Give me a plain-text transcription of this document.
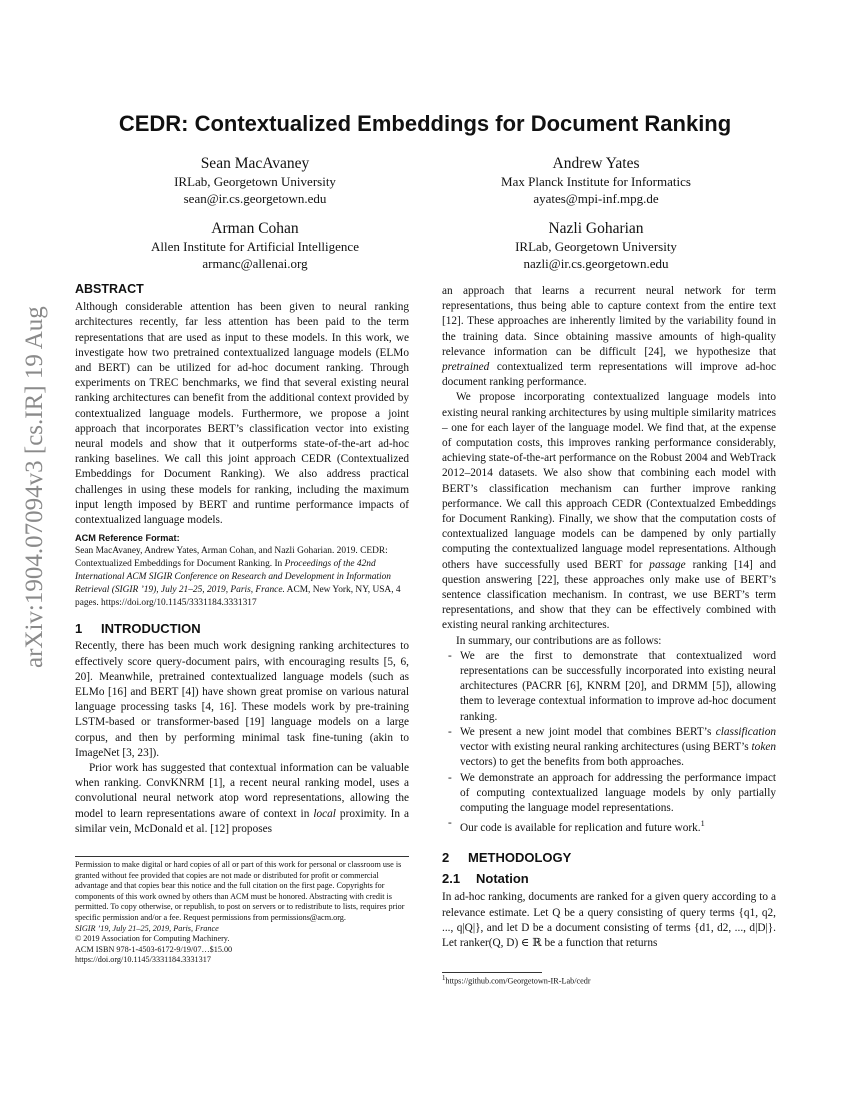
arXiv:1904.07094v3 [cs.IR] 19 Aug 2019
CEDR: Contextualized Embeddings for Document Ranking
Sean MacAvaney
IRLab, Georgetown University
sean@ir.cs.georgetown.edu
Andrew Yates
Max Planck Institute for Informatics
ayates@mpi-inf.mpg.de
Arman Cohan
Allen Institute for Artificial Intelligence
armanc@allenai.org
Nazli Goharian
IRLab, Georgetown University
nazli@ir.cs.georgetown.edu
ABSTRACT

Although considerable attention has been given to neural ranking architectures recently, far less attention has been paid to the term representations that are used as input to these models. In this work, we investigate how two pretrained contextualized language models (ELMo and BERT) can be utilized for ad-hoc document ranking. Through experiments on TREC benchmarks, we find that several existing neural ranking architectures can benefit from the additional context provided by contextualized language models. Furthermore, we propose a joint approach that incorporates BERT’s classification vector into existing neural models and show that it outperforms state-of-the-art ad-hoc ranking baselines. We call this joint approach CEDR (Contextualized Embeddings for Document Ranking). We also address practical challenges in using these models for ranking, including the maximum input length imposed by BERT and runtime performance impacts of contextualized language models.

ACM Reference Format:

Sean MacAvaney, Andrew Yates, Arman Cohan, and Nazli Goharian. 2019. CEDR: Contextualized Embeddings for Document Ranking. In Proceedings of the 42nd International ACM SIGIR Conference on Research and Development in Information Retrieval (SIGIR ’19), July 21–25, 2019, Paris, France. ACM, New York, NY, USA, 4 pages. https://doi.org/10.1145/3331184.3331317

1 INTRODUCTION

Recently, there has been much work designing ranking architectures to effectively score query-document pairs, with encouraging results [5, 6, 20]. Meanwhile, pretrained contextualized language models (such as ELMo [16] and BERT [4]) have shown great promise on various natural language processing tasks [4, 16]. These models work by pre-training LSTM-based or transformer-based [19] language models on a large corpus, and then by performing minimal task fine-tuning (akin to ImageNet [3, 23]).

Prior work has suggested that contextual information can be valuable when ranking. ConvKNRM [1], a recent neural ranking model, uses a convolutional neural network atop word representations, allowing the model to learn representations aware of context in local proximity. In a similar vein, McDonald et al. [12] proposes

Permission to make digital or hard copies of all or part of this work for personal or classroom use is granted without fee provided that copies are not made or distributed for profit or commercial advantage and that copies bear this notice and the full citation on the first page. Copyrights for components of this work owned by others than ACM must be honored. Abstracting with credit is permitted. To copy otherwise, or republish, to post on servers or to redistribute to lists, requires prior specific permission and/or a fee. Request permissions from permissions@acm.org.

SIGIR ’19, July 21–25, 2019, Paris, France

© 2019 Association for Computing Machinery.

ACM ISBN 978-1-4503-6172-9/19/07…$15.00

https://doi.org/10.1145/3331184.3331317

an approach that learns a recurrent neural network for term representations, thus being able to capture context from the entire text [12]. These approaches are inherently limited by the variability found in the training data. Since obtaining massive amounts of high-quality relevance information can be difficult [24], we hypothesize that pretrained contextualized term representations will improve ad-hoc document ranking performance.

We propose incorporating contextualized language models into existing neural ranking architectures by using multiple similarity matrices – one for each layer of the language model. We find that, at the expense of computation costs, this improves ranking performance considerably, achieving state-of-the-art performance on the Robust 2004 and WebTrack 2012–2014 datasets. We also show that combining each model with BERT’s classification mechanism can further improve ranking performance. We call this approach CEDR (Contextualzed Embeddings for Document Ranking). Finally, we show that the computation costs of contextualized language models can be dampened by only partially computing the contextualized language model representations. Although others have successfully used BERT for passage ranking [14] and question answering [22], these approaches only make use of BERT’s sentence classification mechanism. In contrast, we use BERT’s term representations, and show that they can be effectively combined with existing neural ranking architectures.

In summary, our contributions are as follows:

- We are the first to demonstrate that contextualized word representations can be successfully incorporated into existing neural architectures (PACRR [6], KNRM [20], and DRMM [5]), allowing them to leverage contextual information to improve ad-hoc document ranking.
- We present a new joint model that combines BERT’s classification vector with existing neural ranking architectures (using BERT’s token vectors) to get the benefits from both approaches.
- We demonstrate an approach for addressing the performance impact of computing contextualized language models by only partially computing the language model representations.
- Our code is available for replication and future work.$^1$
2 METHODOLOGY
2.1 Notation

In ad-hoc ranking, documents are ranked for a given query according to a relevance estimate. Let Q be a query consisting of query terms {q1, q2, ..., q|Q|}, and let D be a document consisting of terms {d1, d2, ..., d|D|}. Let ranker(Q, D) ∈ ℝ be a function that returns

$^1$https://github.com/Georgetown-IR-Lab/cedr
